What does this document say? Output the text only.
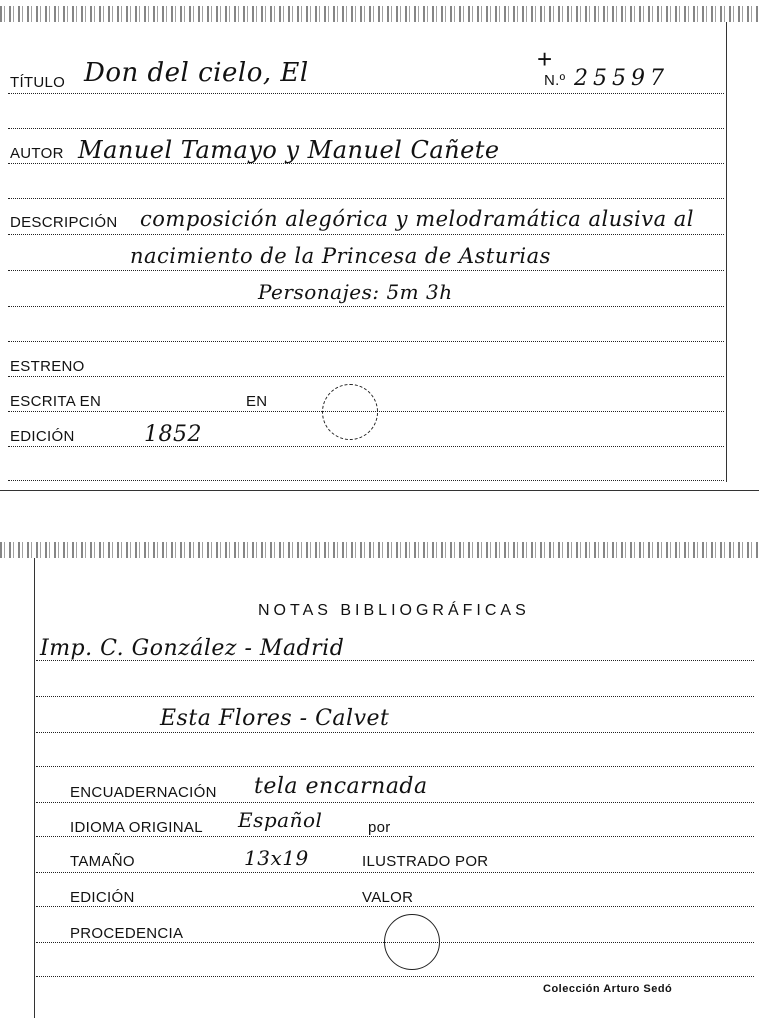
TÍTULO Don del cielo, El	+
N.º 25597
AUTOR Manuel Tamayo y Manuel Cañete
DESCRIPCIÓN composición alegórica y melodramática alusiva al
nacimiento de la Princesa de Asturias
Personajes: 5m 3h
ESTRENO
ESCRITA EN	EN
EDICIÓN	1852
NOTAS BIBLIOGRÁFICAS
Imp. C. González - Madrid
Esta Flores - Calvet
ENCUADERNACIÓN tela encarnada
IDIOMA ORIGINAL Español	por
TAMAÑO	13x19	ILUSTRADO POR
EDICIÓN	VALOR
PROCEDENCIA
Colección Arturo Sedó
